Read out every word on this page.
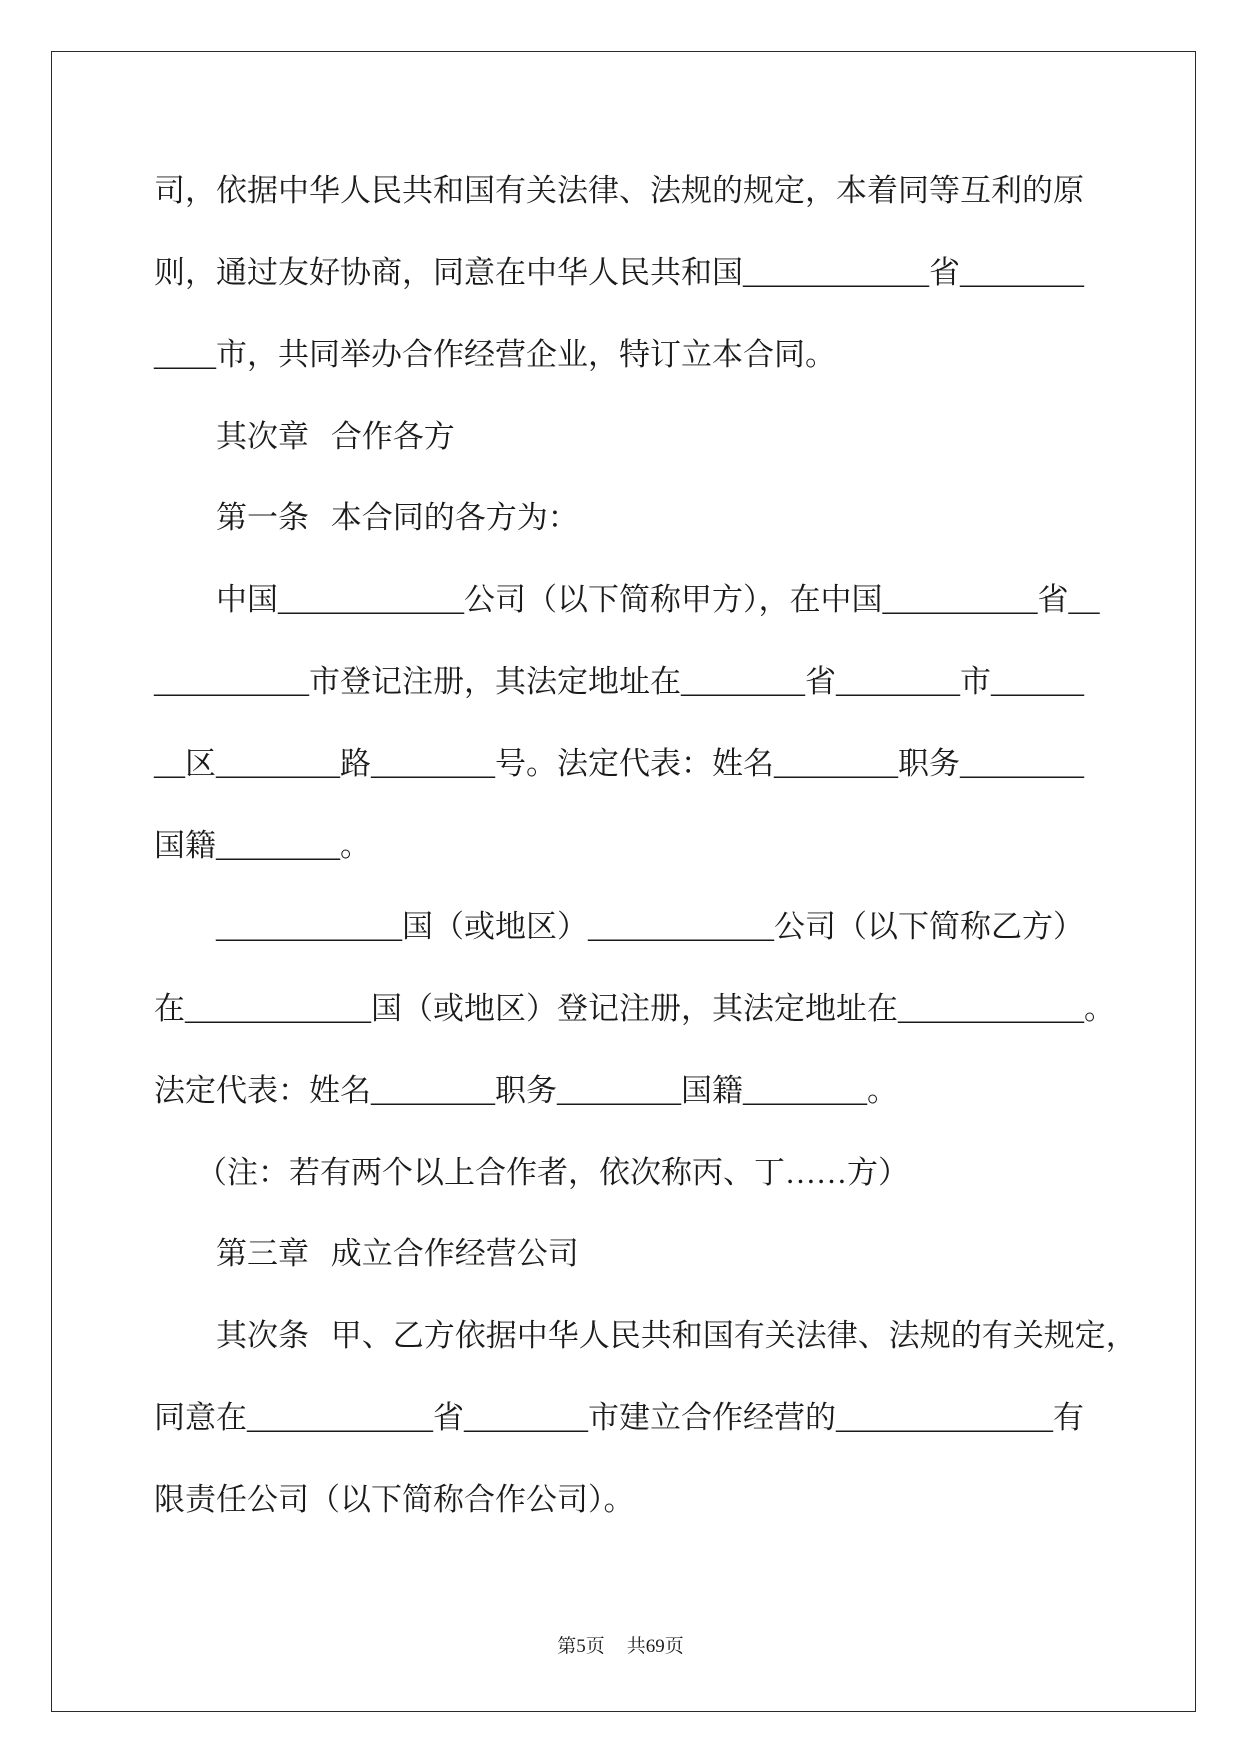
司，依据中华人民共和国有关法律、法规的规定，本着同等互利的原
则，通过友好协商，同意在中华人民共和国____________省________
____市，共同举办合作经营企业，特订立本合同。
其次章 合作各方
第一条 本合同的各方为：
中国____________公司（以下简称甲方），在中国__________省__
__________市登记注册，其法定地址在________省________市______
__区________路________号。法定代表：姓名________职务________
国籍________。
____________国（或地区）____________公司（以下简称乙方）
在____________国（或地区）登记注册，其法定地址在____________。
法定代表：姓名________职务________国籍________。
（注：若有两个以上合作者，依次称丙、丁……方）
第三章 成立合作经营公司
其次条 甲、乙方依据中华人民共和国有关法律、法规的有关规定，
同意在____________省________市建立合作经营的______________有
限责任公司（以下简称合作公司）。
第5页 共69页
